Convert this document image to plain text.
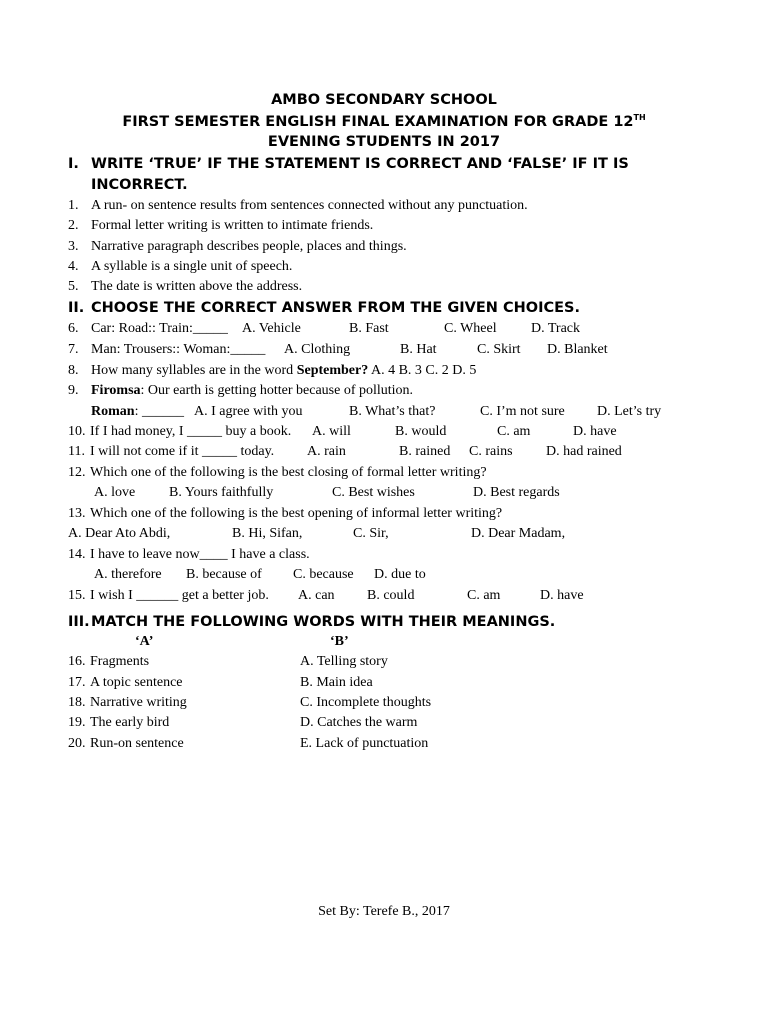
AMBO SECONDARY SCHOOL
FIRST SEMESTER ENGLISH FINAL EXAMINATION FOR GRADE 12TH
EVENING STUDENTS IN 2017
I. WRITE ‘TRUE’ IF THE STATEMENT IS CORRECT AND ‘FALSE’ IF IT IS
INCORRECT.
1. A run- on sentence results from sentences connected without any punctuation.
2. Formal letter writing is written to intimate friends.
3. Narrative paragraph describes people, places and things.
4. A syllable is a single unit of speech.
5. The date is written above the address.
II. CHOOSE THE CORRECT ANSWER FROM THE GIVEN CHOICES.
6. Car: Road:: Train:_____ A. Vehicle	B. Fast	C. Wheel D. Track
7. Man: Trousers:: Woman:_____ A. Clothing	B. Hat	C. Skirt D. Blanket
8. How many syllables are in the word September? A. 4 B. 3 C. 2 D. 5
9. Firomsa: Our earth is getting hotter because of pollution.
Roman: ______ A. I agree with you	B. What’s that?	C. I’m not sure D. Let’s try
10. If I had money, I _____ buy a book. A. will	B. would	C. am	D. have
11. I will not come if it _____ today. A. rain	B. rained C. rains D. had rained
12. Which one of the following is the best closing of formal letter writing?
A. love B. Yours faithfully	C. Best wishes	D. Best regards
13. Which one of the following is the best opening of informal letter writing?
A. Dear Ato Abdi,	B. Hi, Sifan,	C. Sir,	D. Dear Madam,
14. I have to leave now____ I have a class.
A. therefore B. because of C. because D. due to
15. I wish I ______ get a better job. A. can B. could	C. am	D. have
III. MATCH THE FOLLOWING WORDS WITH THEIR MEANINGS.
‘A’	‘B’
16. Fragments	A. Telling story
17. A topic sentence	B. Main idea
18. Narrative writing	C. Incomplete thoughts
19. The early bird	D. Catches the warm
20. Run-on sentence	E. Lack of punctuation
Set By: Terefe B., 2017
